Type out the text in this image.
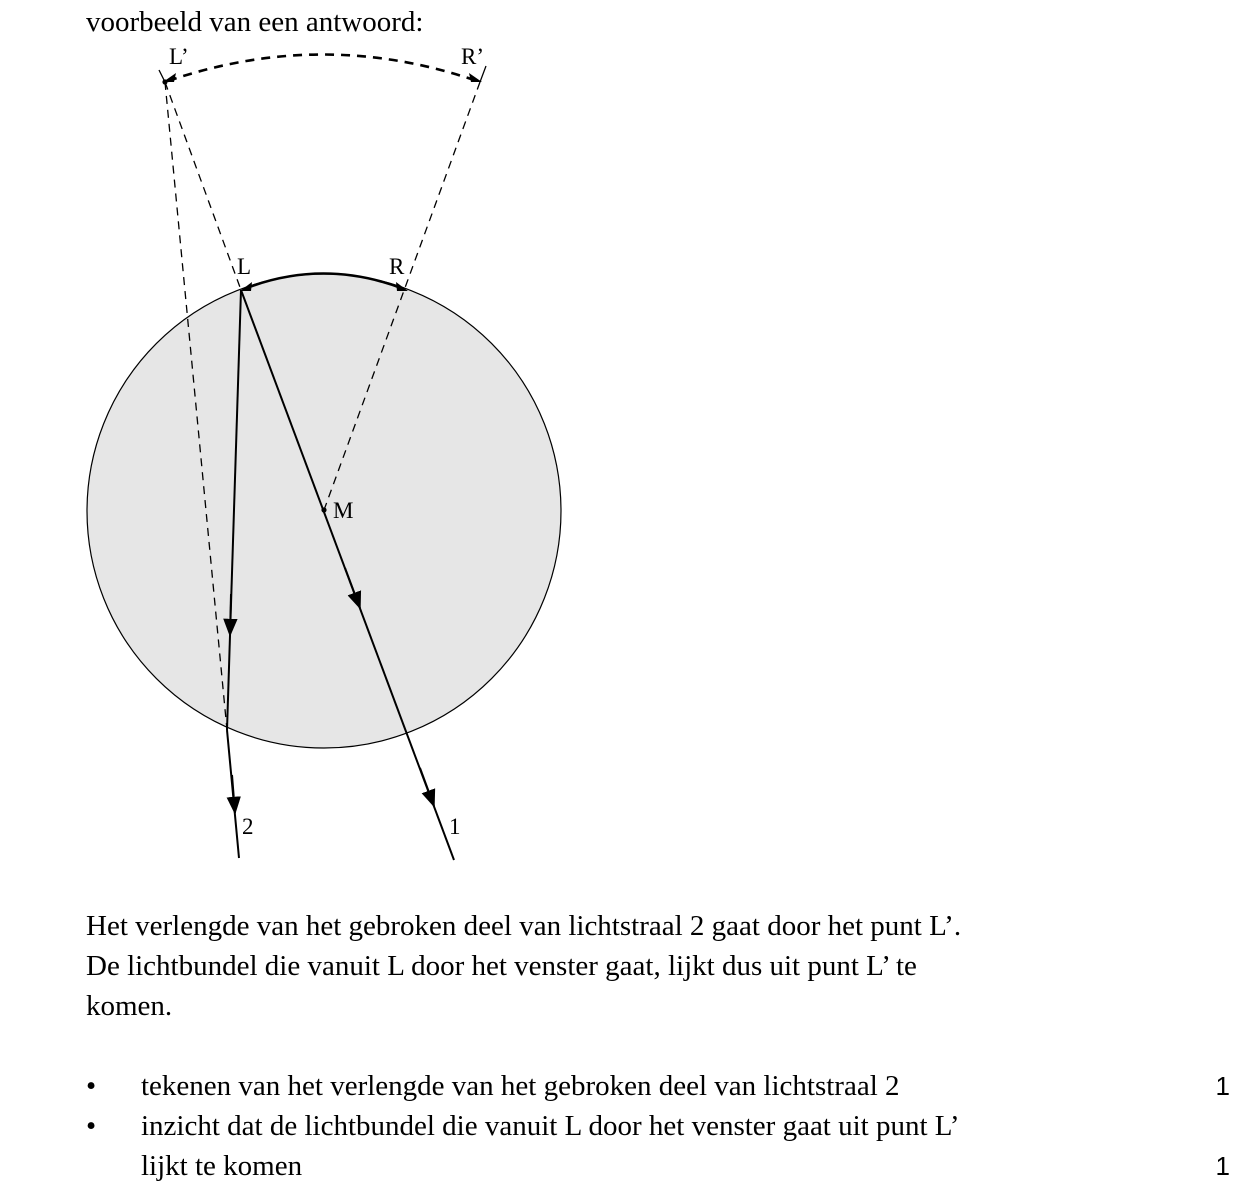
voorbeeld van een antwoord:
L’	R’
L	R
M
1
2
Het verlengde van het gebroken deel van lichtstraal 2 gaat door het punt L’.
De lichtbundel die vanuit L door het venster gaat, lijkt dus uit punt L’ te
komen.
• tekenen van het verlengde van het gebroken deel van lichtstraal 2	1
• inzicht dat de lichtbundel die vanuit L door het venster gaat uit punt L’
lijkt te komen	1
